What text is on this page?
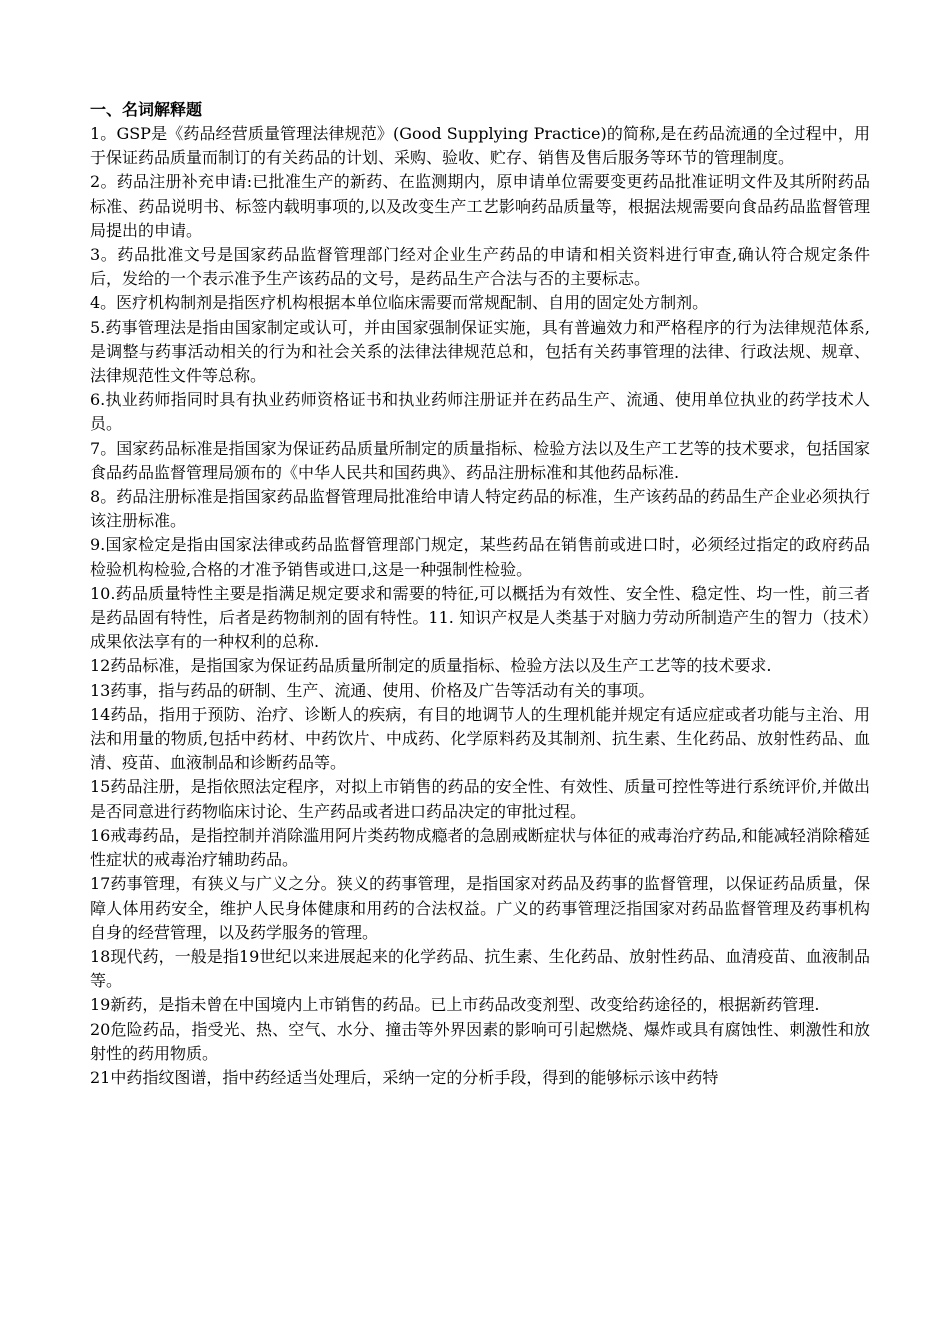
一、名词解释题

1。GSP是《药品经营质量管理法律规范》(Good Supplying Practice)的简称,是在药品流通的全过程中，用于保证药品质量而制订的有关药品的计划、采购、验收、贮存、销售及售后服务等环节的管理制度。

2。药品注册补充申请:已批准生产的新药、在监测期内，原申请单位需要变更药品批准证明文件及其所附药品标准、药品说明书、标签内载明事项的,以及改变生产工艺影响药品质量等，根据法规需要向食品药品监督管理局提出的申请。

3。药品批准文号是国家药品监督管理部门经对企业生产药品的申请和相关资料进行审查,确认符合规定条件后，发给的一个表示准予生产该药品的文号，是药品生产合法与否的主要标志。

4。医疗机构制剂是指医疗机构根据本单位临床需要而常规配制、自用的固定处方制剂。

5.药事管理法是指由国家制定或认可，并由国家强制保证实施，具有普遍效力和严格程序的行为法律规范体系,是调整与药事活动相关的行为和社会关系的法律法律规范总和，包括有关药事管理的法律、行政法规、规章、法律规范性文件等总称。

6.执业药师指同时具有执业药师资格证书和执业药师注册证并在药品生产、流通、使用单位执业的药学技术人员。

7。国家药品标准是指国家为保证药品质量所制定的质量指标、检验方法以及生产工艺等的技术要求，包括国家食品药品监督管理局颁布的《中华人民共和国药典》、药品注册标准和其他药品标准.

8。药品注册标准是指国家药品监督管理局批准给申请人特定药品的标准，生产该药品的药品生产企业必须执行该注册标准。

9.国家检定是指由国家法律或药品监督管理部门规定，某些药品在销售前或进口时，必须经过指定的政府药品检验机构检验,合格的才准予销售或进口,这是一种强制性检验。

10.药品质量特性主要是指满足规定要求和需要的特征,可以概括为有效性、安全性、稳定性、均一性，前三者是药品固有特性，后者是药物制剂的固有特性。11. 知识产权是人类基于对脑力劳动所制造产生的智力（技术）成果依法享有的一种权利的总称.

12药品标准，是指国家为保证药品质量所制定的质量指标、检验方法以及生产工艺等的技术要求.

13药事，指与药品的研制、生产、流通、使用、价格及广告等活动有关的事项。

14药品，指用于预防、治疗、诊断人的疾病，有目的地调节人的生理机能并规定有适应症或者功能与主治、用法和用量的物质,包括中药材、中药饮片、中成药、化学原料药及其制剂、抗生素、生化药品、放射性药品、血清、疫苗、血液制品和诊断药品等。

15药品注册，是指依照法定程序，对拟上市销售的药品的安全性、有效性、质量可控性等进行系统评价,并做出是否同意进行药物临床讨论、生产药品或者进口药品决定的审批过程。

16戒毒药品，是指控制并消除滥用阿片类药物成瘾者的急剧戒断症状与体征的戒毒治疗药品,和能减轻消除稽延性症状的戒毒治疗辅助药品。

17药事管理，有狭义与广义之分。狭义的药事管理，是指国家对药品及药事的监督管理，以保证药品质量，保障人体用药安全，维护人民身体健康和用药的合法权益。广义的药事管理泛指国家对药品监督管理及药事机构自身的经营管理，以及药学服务的管理。

18现代药，一般是指19世纪以来进展起来的化学药品、抗生素、生化药品、放射性药品、血清疫苗、血液制品等。

19新药，是指未曾在中国境内上市销售的药品。已上市药品改变剂型、改变给药途径的，根据新药管理.

20危险药品，指受光、热、空气、水分、撞击等外界因素的影响可引起燃烧、爆炸或具有腐蚀性、刺激性和放射性的药用物质。

21中药指纹图谱，指中药经适当处理后，采纳一定的分析手段，得到的能够标示该中药特
